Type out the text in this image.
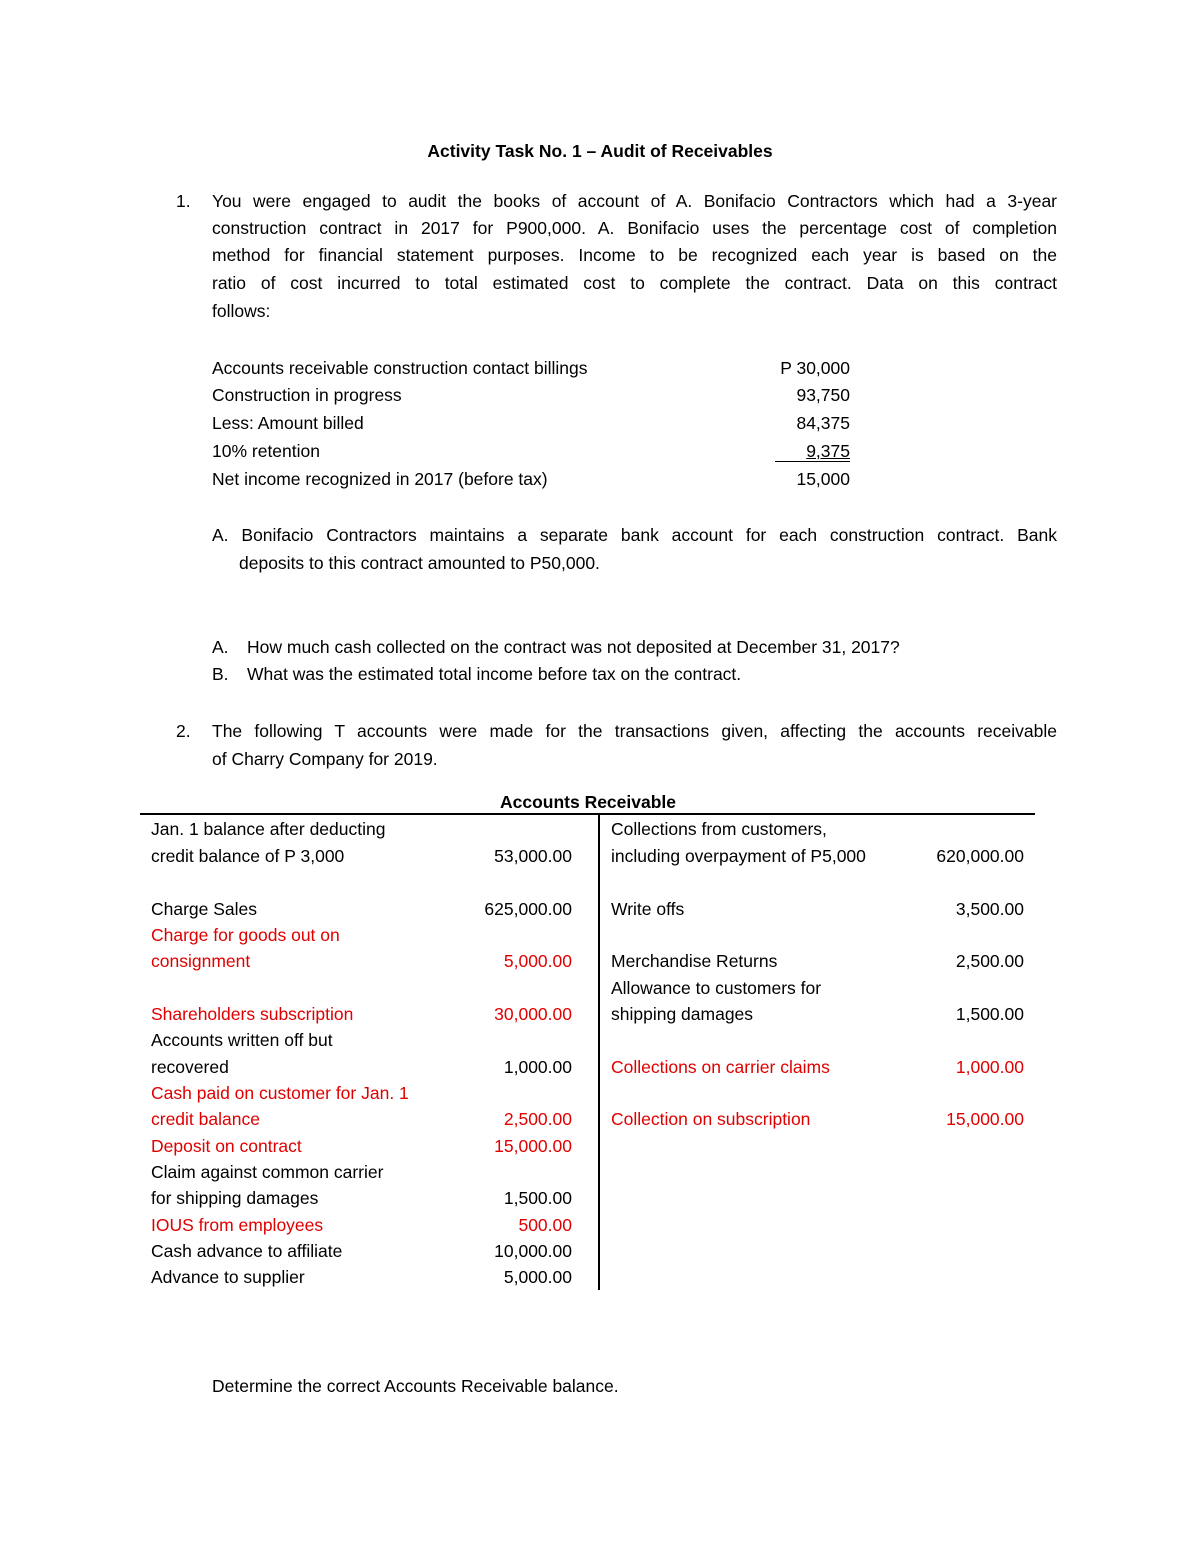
Activity Task No. 1 – Audit of Receivables
1. You were engaged to audit the books of account of A. Bonifacio Contractors which had a 3-year
construction contract in 2017 for P900,000. A. Bonifacio uses the percentage cost of completion
method for financial statement purposes. Income to be recognized each year is based on the
ratio of cost incurred to total estimated cost to complete the contract. Data on this contract
follows:
Accounts receivable construction contact billings	P 30,000
Construction in progress	93,750
Less: Amount billed	84,375
10% retention	9,375
Net income recognized in 2017 (before tax)	15,000
A. Bonifacio Contractors maintains a separate bank account for each construction contract. Bank
deposits to this contract amounted to P50,000.
A. How much cash collected on the contract was not deposited at December 31, 2017?
B. What was the estimated total income before tax on the contract.
2. The following T accounts were made for the transactions given, affecting the accounts receivable
of Charry Company for 2019.
Accounts Receivable
Jan. 1 balance after deducting
credit balance of P 3,000	53,000.00
Charge Sales	625,000.00
Charge for goods out on
consignment	5,000.00
Shareholders subscription	30,000.00
Accounts written off but
recovered	1,000.00
Cash paid on customer for Jan. 1
credit balance	2,500.00
Deposit on contract	15,000.00
Claim against common carrier
for shipping damages	1,500.00
IOUS from employees	500.00
Cash advance to affiliate	10,000.00
Advance to supplier	5,000.00
Collections from customers,
including overpayment of P5,000	620,000.00
Write offs	3,500.00
Merchandise Returns	2,500.00
Allowance to customers for
shipping damages	1,500.00
Collections on carrier claims	1,000.00
Collection on subscription	15,000.00
Determine the correct Accounts Receivable balance.
